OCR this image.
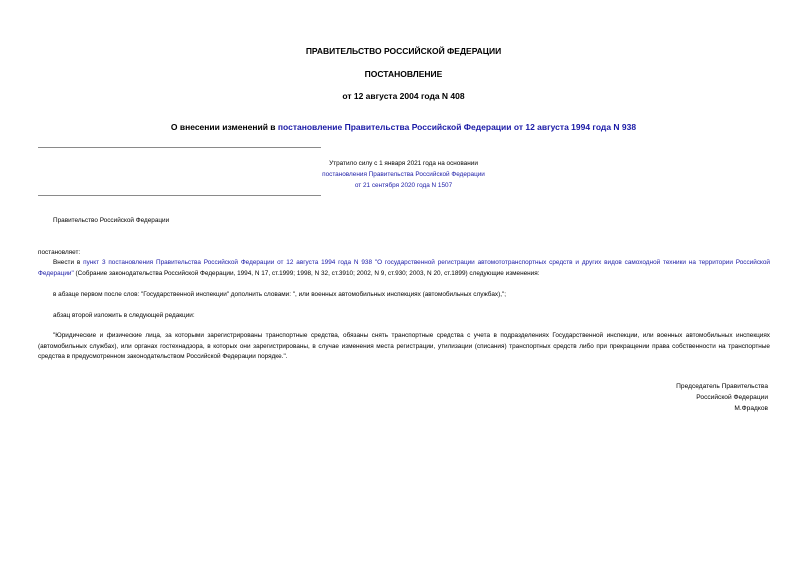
ПРАВИТЕЛЬСТВО РОССИЙСКОЙ ФЕДЕРАЦИИ
ПОСТАНОВЛЕНИЕ
от 12 августа 2004 года N 408
О внесении изменений в постановление Правительства Российской Федерации от 12 августа 1994 года N 938
Утратило силу с 1 января 2021 года на основании
постановления Правительства Российской Федерации
от 21 сентября 2020 года N 1507
Правительство Российской Федерации
постановляет:
Внести в пункт 3 постановления Правительства Российской Федерации от 12 августа 1994 года N 938 "О государственной регистрации автомототранспортных средств и других видов самоходной техники на территории Российской Федерации" (Собрание законодательства Российской Федерации, 1994, N 17, ст.1999; 1998, N 32, ст.3910; 2002, N 9, ст.930; 2003, N 20, ст.1899) следующие изменения:
в абзаце первом после слов: "Государственной инспекции" дополнить словами: ", или военных автомобильных инспекциях (автомобильных службах),";
абзац второй изложить в следующей редакции:
"Юридические и физические лица, за которыми зарегистрированы транспортные средства, обязаны снять транспортные средства с учета в подразделениях Государственной инспекции, или военных автомобильных инспекциях (автомобильных службах), или органах гостехнадзора, в которых они зарегистрированы, в случае изменения места регистрации, утилизации (списания) транспортных средств либо при прекращении права собственности на транспортные средства в предусмотренном законодательством Российской Федерации порядке.".
Председатель Правительства
Российской Федерации
М.Фрадков
